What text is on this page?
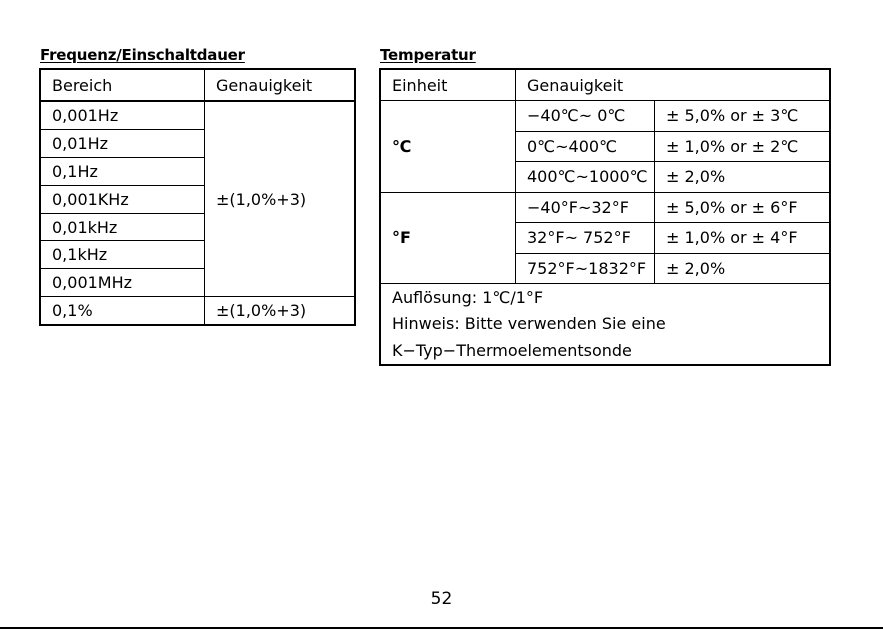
Frequenz/Einschaltdauer
Bereich	Genauigkeit
0,001Hz	±(1,0%+3)
0,01Hz	
0,1Hz	
0,001KHz	
0,01kHz	
0,1kHz	
0,001MHz	
0,1%	±(1,0%+3)
Temperatur
Einheit	Genauigkeit	
℃	−40℃~ 0℃	± 5,0% or ± 3℃
	0℃~400℃	± 1,0% or ± 2℃
	400℃~1000℃	± 2,0%
°F	−40°F~32°F	± 5,0% or ± 6°F
	32°F~ 752°F	± 1,0% or ± 4°F
	752°F~1832°F	± 2,0%
Auflösung: 1℃/1°F		
Hinweis: Bitte verwenden Sie eine		
K−Typ−Thermoelementsonde		
52
